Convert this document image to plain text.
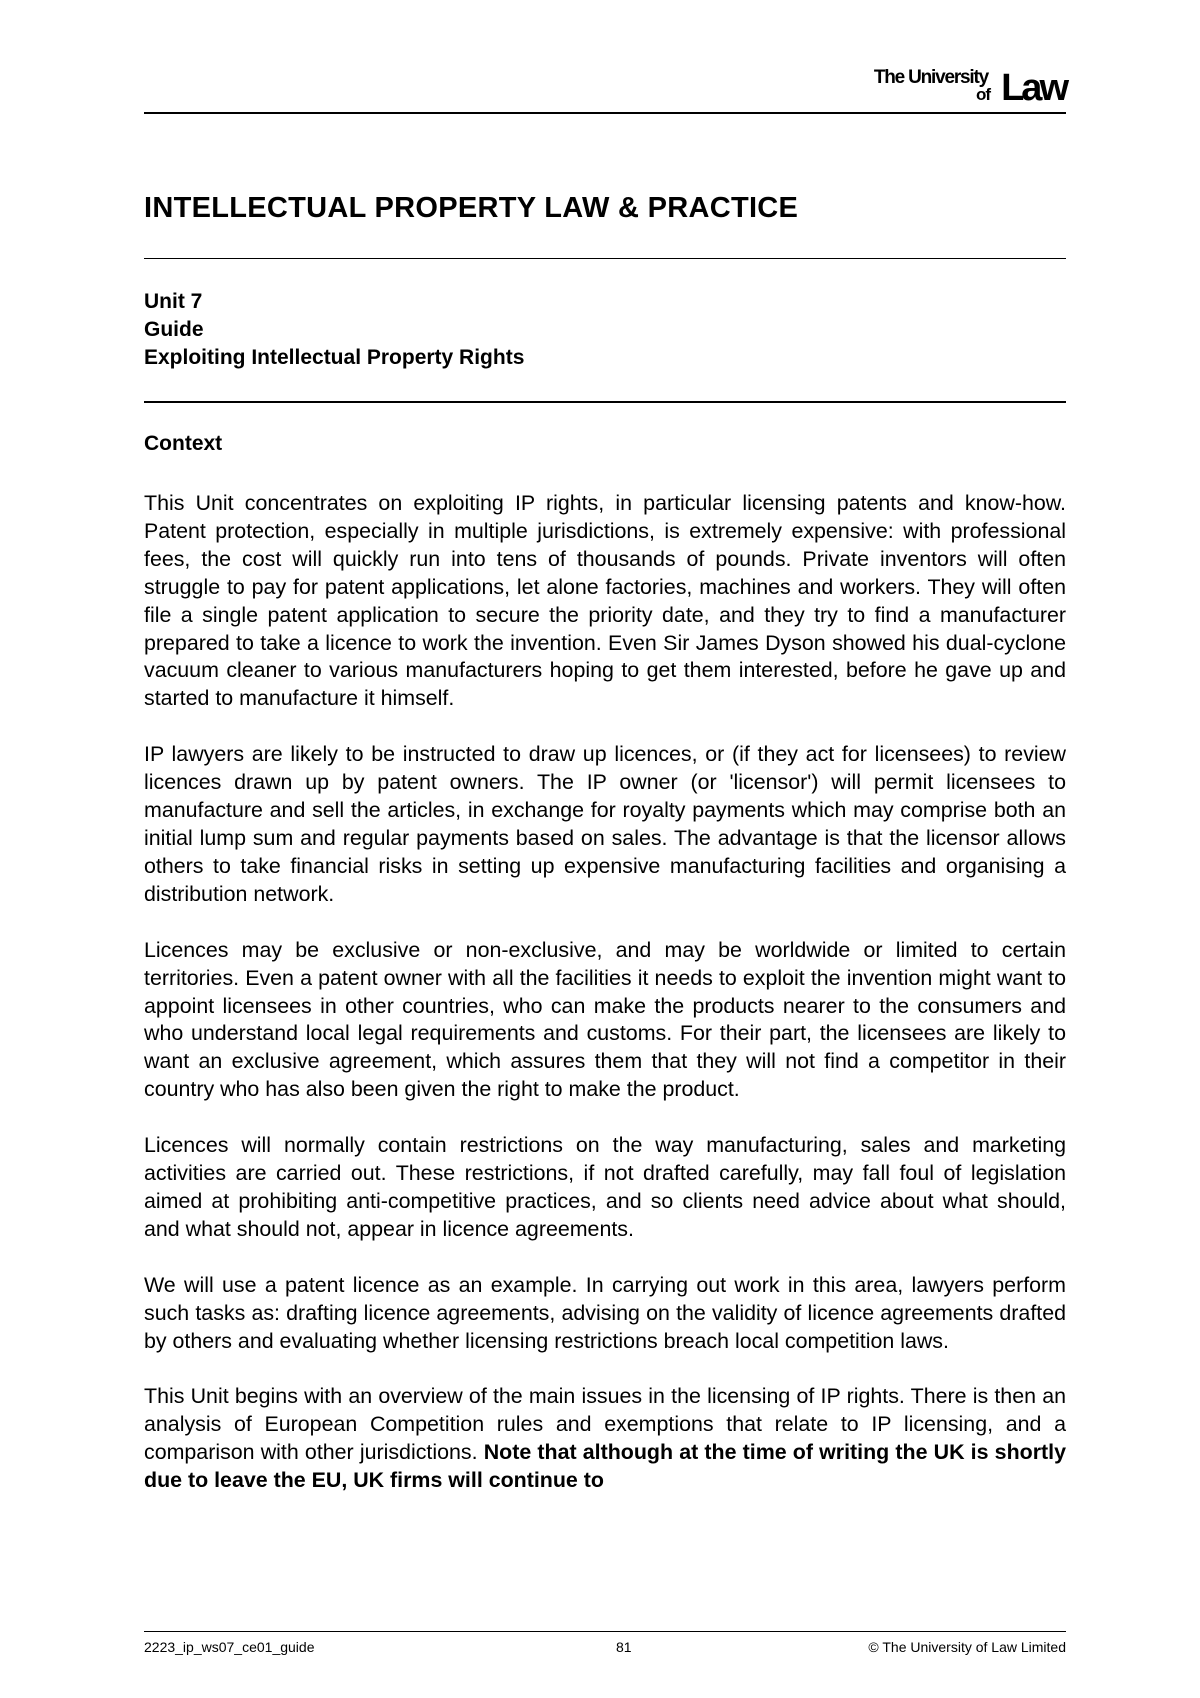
The University
of Law
INTELLECTUAL PROPERTY LAW & PRACTICE
Unit 7
Guide
Exploiting Intellectual Property Rights
Context

This Unit concentrates on exploiting IP rights, in particular licensing patents and know-how. Patent protection, especially in multiple jurisdictions, is extremely expensive: with professional fees, the cost will quickly run into tens of thousands of pounds. Private inventors will often struggle to pay for patent applications, let alone factories, machines and workers. They will often file a single patent application to secure the priority date, and they try to find a manufacturer prepared to take a licence to work the invention. Even Sir James Dyson showed his dual-cyclone vacuum cleaner to various manufacturers hoping to get them interested, before he gave up and started to manufacture it himself.

IP lawyers are likely to be instructed to draw up licences, or (if they act for licensees) to review licences drawn up by patent owners. The IP owner (or 'licensor') will permit licensees to manufacture and sell the articles, in exchange for royalty payments which may comprise both an initial lump sum and regular payments based on sales. The advantage is that the licensor allows others to take financial risks in setting up expensive manufacturing facilities and organising a distribution network.

Licences may be exclusive or non-exclusive, and may be worldwide or limited to certain territories. Even a patent owner with all the facilities it needs to exploit the invention might want to appoint licensees in other countries, who can make the products nearer to the consumers and who understand local legal requirements and customs. For their part, the licensees are likely to want an exclusive agreement, which assures them that they will not find a competitor in their country who has also been given the right to make the product.

Licences will normally contain restrictions on the way manufacturing, sales and marketing activities are carried out. These restrictions, if not drafted carefully, may fall foul of legislation aimed at prohibiting anti-competitive practices, and so clients need advice about what should, and what should not, appear in licence agreements.

We will use a patent licence as an example. In carrying out work in this area, lawyers perform such tasks as: drafting licence agreements, advising on the validity of licence agreements drafted by others and evaluating whether licensing restrictions breach local competition laws.

This Unit begins with an overview of the main issues in the licensing of IP rights. There is then an analysis of European Competition rules and exemptions that relate to IP licensing, and a comparison with other jurisdictions. Note that although at the time of writing the UK is shortly due to leave the EU, UK firms will continue to

2223_ip_ws07_ce01_guide	81	© The University of Law Limited
